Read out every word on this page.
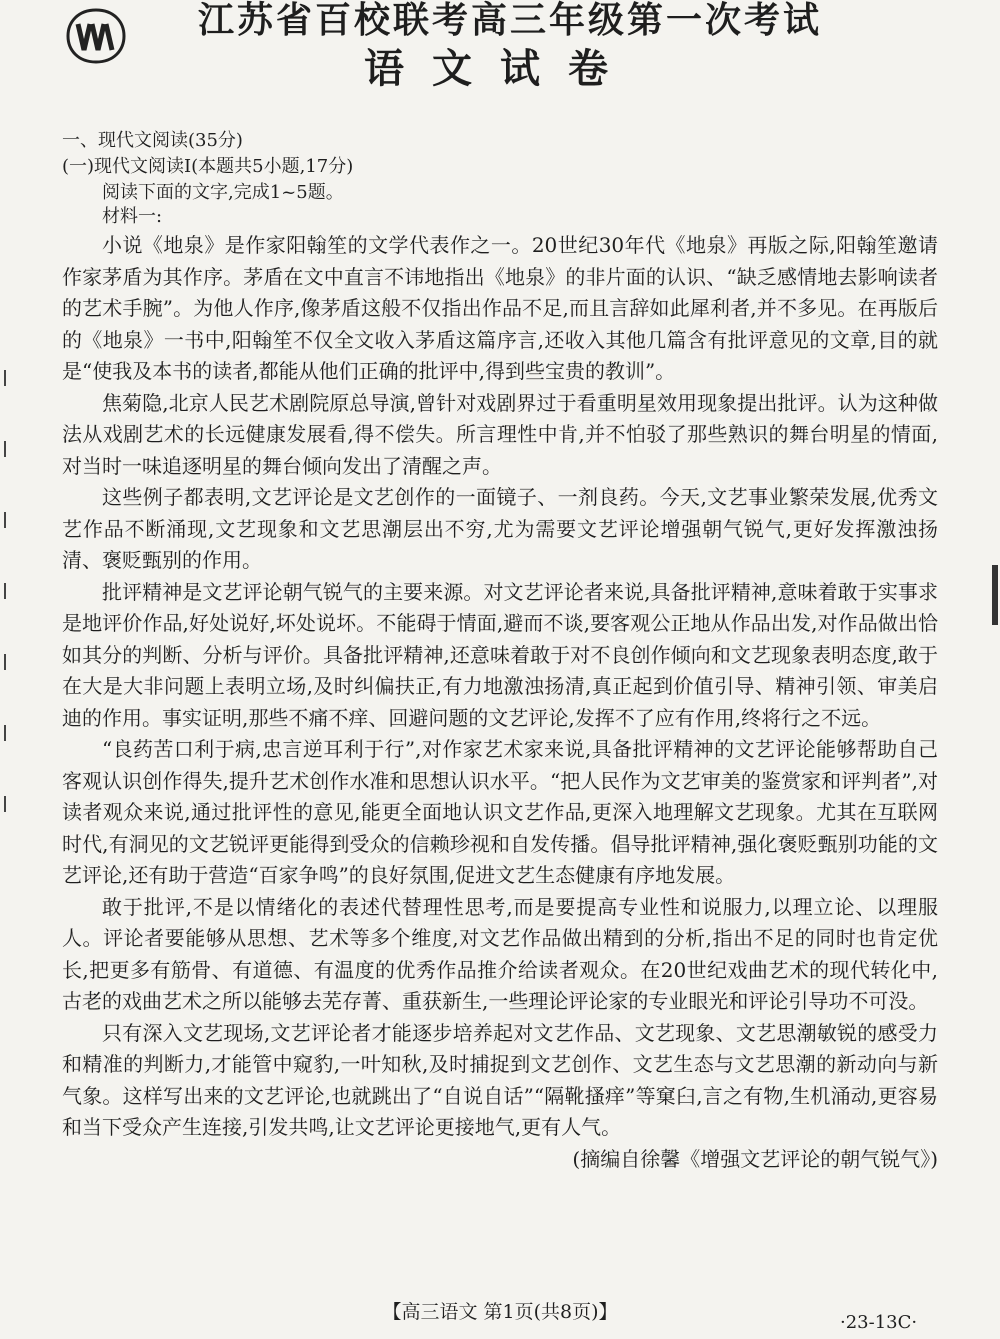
江苏省百校联考高三年级第一次考试
语文试卷
一、现代文阅读(35分)
(一)现代文阅读Ⅰ(本题共5小题,17分)
阅读下面的文字,完成1~5题。
材料一:

小说《地泉》是作家阳翰笙的文学代表作之一。20世纪30年代《地泉》再版之际,阳翰笙邀请作家茅盾为其作序。茅盾在文中直言不讳地指出《地泉》的非片面的认识、“缺乏感情地去影响读者的艺术手腕”。为他人作序,像茅盾这般不仅指出作品不足,而且言辞如此犀利者,并不多见。在再版后的《地泉》一书中,阳翰笙不仅全文收入茅盾这篇序言,还收入其他几篇含有批评意见的文章,目的就是“使我及本书的读者,都能从他们正确的批评中,得到些宝贵的教训”。

焦菊隐,北京人民艺术剧院原总导演,曾针对戏剧界过于看重明星效用现象提出批评。认为这种做法从戏剧艺术的长远健康发展看,得不偿失。所言理性中肯,并不怕驳了那些熟识的舞台明星的情面,对当时一味追逐明星的舞台倾向发出了清醒之声。

这些例子都表明,文艺评论是文艺创作的一面镜子、一剂良药。今天,文艺事业繁荣发展,优秀文艺作品不断涌现,文艺现象和文艺思潮层出不穷,尤为需要文艺评论增强朝气锐气,更好发挥激浊扬清、褒贬甄别的作用。

批评精神是文艺评论朝气锐气的主要来源。对文艺评论者来说,具备批评精神,意味着敢于实事求是地评价作品,好处说好,坏处说坏。不能碍于情面,避而不谈,要客观公正地从作品出发,对作品做出恰如其分的判断、分析与评价。具备批评精神,还意味着敢于对不良创作倾向和文艺现象表明态度,敢于在大是大非问题上表明立场,及时纠偏扶正,有力地激浊扬清,真正起到价值引导、精神引领、审美启迪的作用。事实证明,那些不痛不痒、回避问题的文艺评论,发挥不了应有作用,终将行之不远。

“良药苦口利于病,忠言逆耳利于行”,对作家艺术家来说,具备批评精神的文艺评论能够帮助自己客观认识创作得失,提升艺术创作水准和思想认识水平。“把人民作为文艺审美的鉴赏家和评判者”,对读者观众来说,通过批评性的意见,能更全面地认识文艺作品,更深入地理解文艺现象。尤其在互联网时代,有洞见的文艺锐评更能得到受众的信赖珍视和自发传播。倡导批评精神,强化褒贬甄别功能的文艺评论,还有助于营造“百家争鸣”的良好氛围,促进文艺生态健康有序地发展。

敢于批评,不是以情绪化的表述代替理性思考,而是要提高专业性和说服力,以理立论、以理服人。评论者要能够从思想、艺术等多个维度,对文艺作品做出精到的分析,指出不足的同时也肯定优长,把更多有筋骨、有道德、有温度的优秀作品推介给读者观众。在20世纪戏曲艺术的现代转化中,古老的戏曲艺术之所以能够去芜存菁、重获新生,一些理论评论家的专业眼光和评论引导功不可没。

只有深入文艺现场,文艺评论者才能逐步培养起对文艺作品、文艺现象、文艺思潮敏锐的感受力和精准的判断力,才能管中窥豹,一叶知秋,及时捕捉到文艺创作、文艺生态与文艺思潮的新动向与新气象。这样写出来的文艺评论,也就跳出了“自说自话”“隔靴搔痒”等窠臼,言之有物,生机涌动,更容易和当下受众产生连接,引发共鸣,让文艺评论更接地气,更有人气。

(摘编自徐馨《增强文艺评论的朝气锐气》)
【高三语文 第1页(共8页)】	·23-13C·
